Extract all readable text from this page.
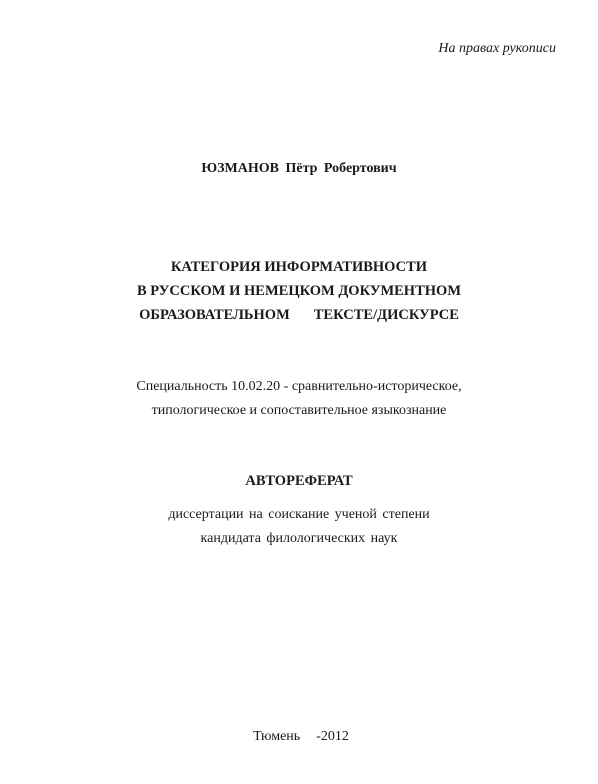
На правах рукописи
ЮЗМАНОВ Пётр Робертович
КАТЕГОРИЯ ИНФОРМАТИВНОСТИ
В РУССКОМ И НЕМЕЦКОМ ДОКУМЕНТНОМ
ОБРАЗОВАТЕЛЬНОМ ТЕКСТЕ/ДИСКУРСЕ
Специальность 10.02.20 - сравнительно-историческое,
типологическое и сопоставительное языкознание
АВТОРЕФЕРАТ
диссертации на соискание ученой степени
кандидата филологических наук
Тюмень -2012
